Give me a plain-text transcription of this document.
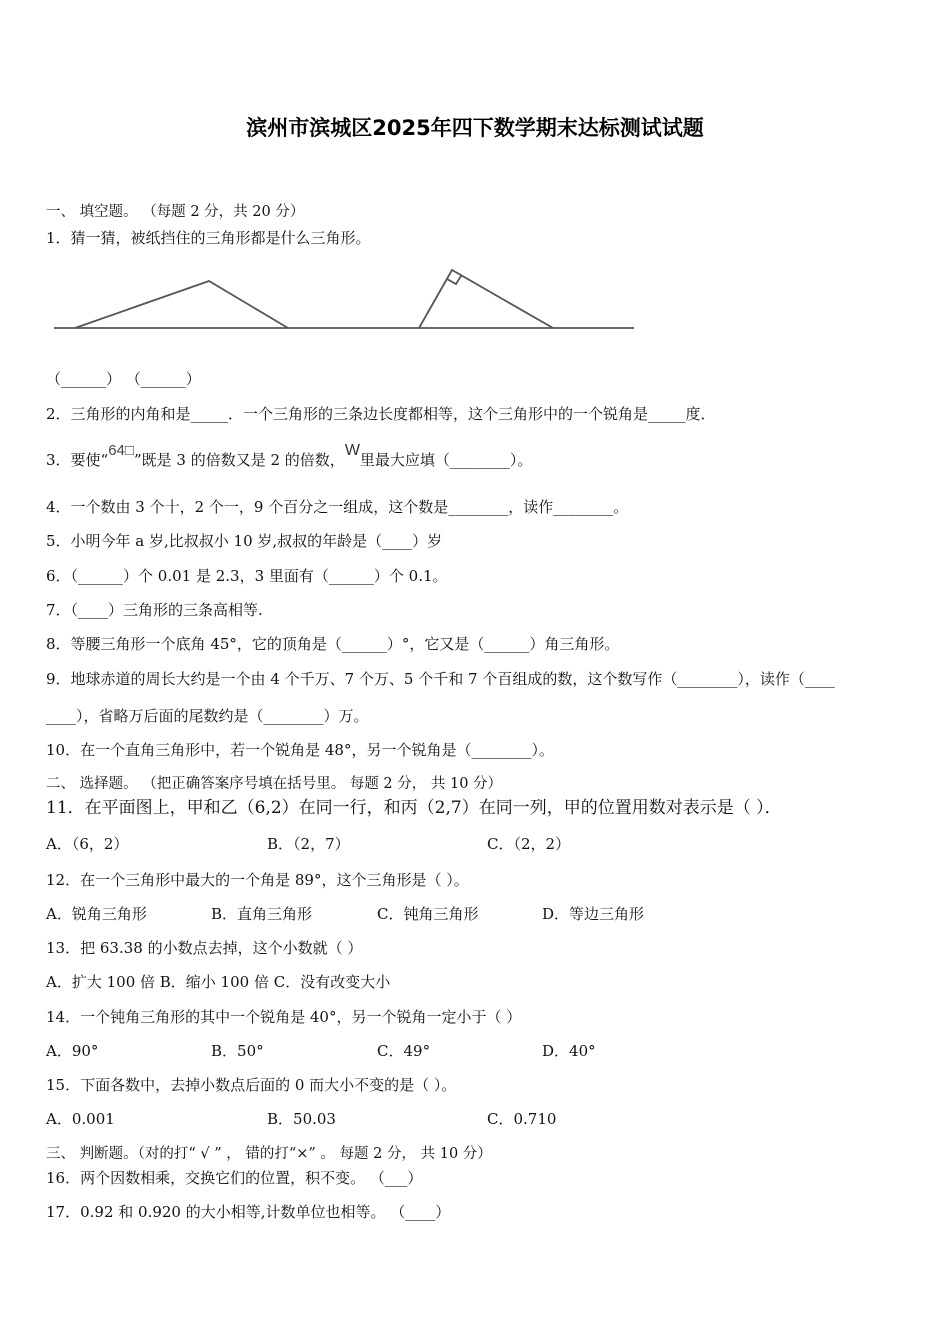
滨州市滨城区2025年四下数学期末达标测试试题
一、 填空题。 （每题 2 分，共 20 分）
1．猜一猜，被纸挡住的三角形都是什么三角形。
（______） （______）
2．三角形的内角和是_____．一个三角形的三条边长度都相等，这个三角形中的一个锐角是_____度．
3．要使“64□”既是 3 的倍数又是 2 的倍数，W里最大应填（________）。
4．一个数由 3 个十，2 个一，9 个百分之一组成，这个数是________，读作________。
5．小明今年 a 岁,比叔叔小 10 岁,叔叔的年龄是（____）岁
6．（______）个 0.01 是 2.3，3 里面有（______）个 0.1。
7．（____）三角形的三条高相等.
8．等腰三角形一个底角 45°，它的顶角是（______）°，它又是（______）角三角形。
9．地球赤道的周长大约是一个由 4 个千万、7 个万、5 个千和 7 个百组成的数，这个数写作（________），读作（____
____），省略万后面的尾数约是（________）万。
10．在一个直角三角形中，若一个锐角是 48°，另一个锐角是（________）。
二、 选择题。 （把正确答案序号填在括号里。 每题 2 分， 共 10 分）
11．在平面图上，甲和乙（6,2）在同一行，和丙（2,7）在同一列，甲的位置用数对表示是（ ）．
A．（6，2）	B．（2，7）	C．（2，2）
12．在一个三角形中最大的一个角是 89°，这个三角形是（ ）。
A．锐角三角形	B．直角三角形	C．钝角三角形	D．等边三角形
13．把 63.38 的小数点去掉，这个小数就（ ）
A．扩大 100 倍 B．缩小 100 倍 C．没有改变大小
14．一个钝角三角形的其中一个锐角是 40°，另一个锐角一定小于（ ）
A．90°	B．50°	C．49°	D．40°
15．下面各数中，去掉小数点后面的 0 而大小不变的是（ ）。
A．0.001	B．50.03	C．0.710
三、 判断题。（对的打“ √ ” ， 错的打“×” 。 每题 2 分， 共 10 分）
16．两个因数相乘，交换它们的位置，积不变。 （___）
17．0.92 和 0.920 的大小相等,计数单位也相等。 （____）
